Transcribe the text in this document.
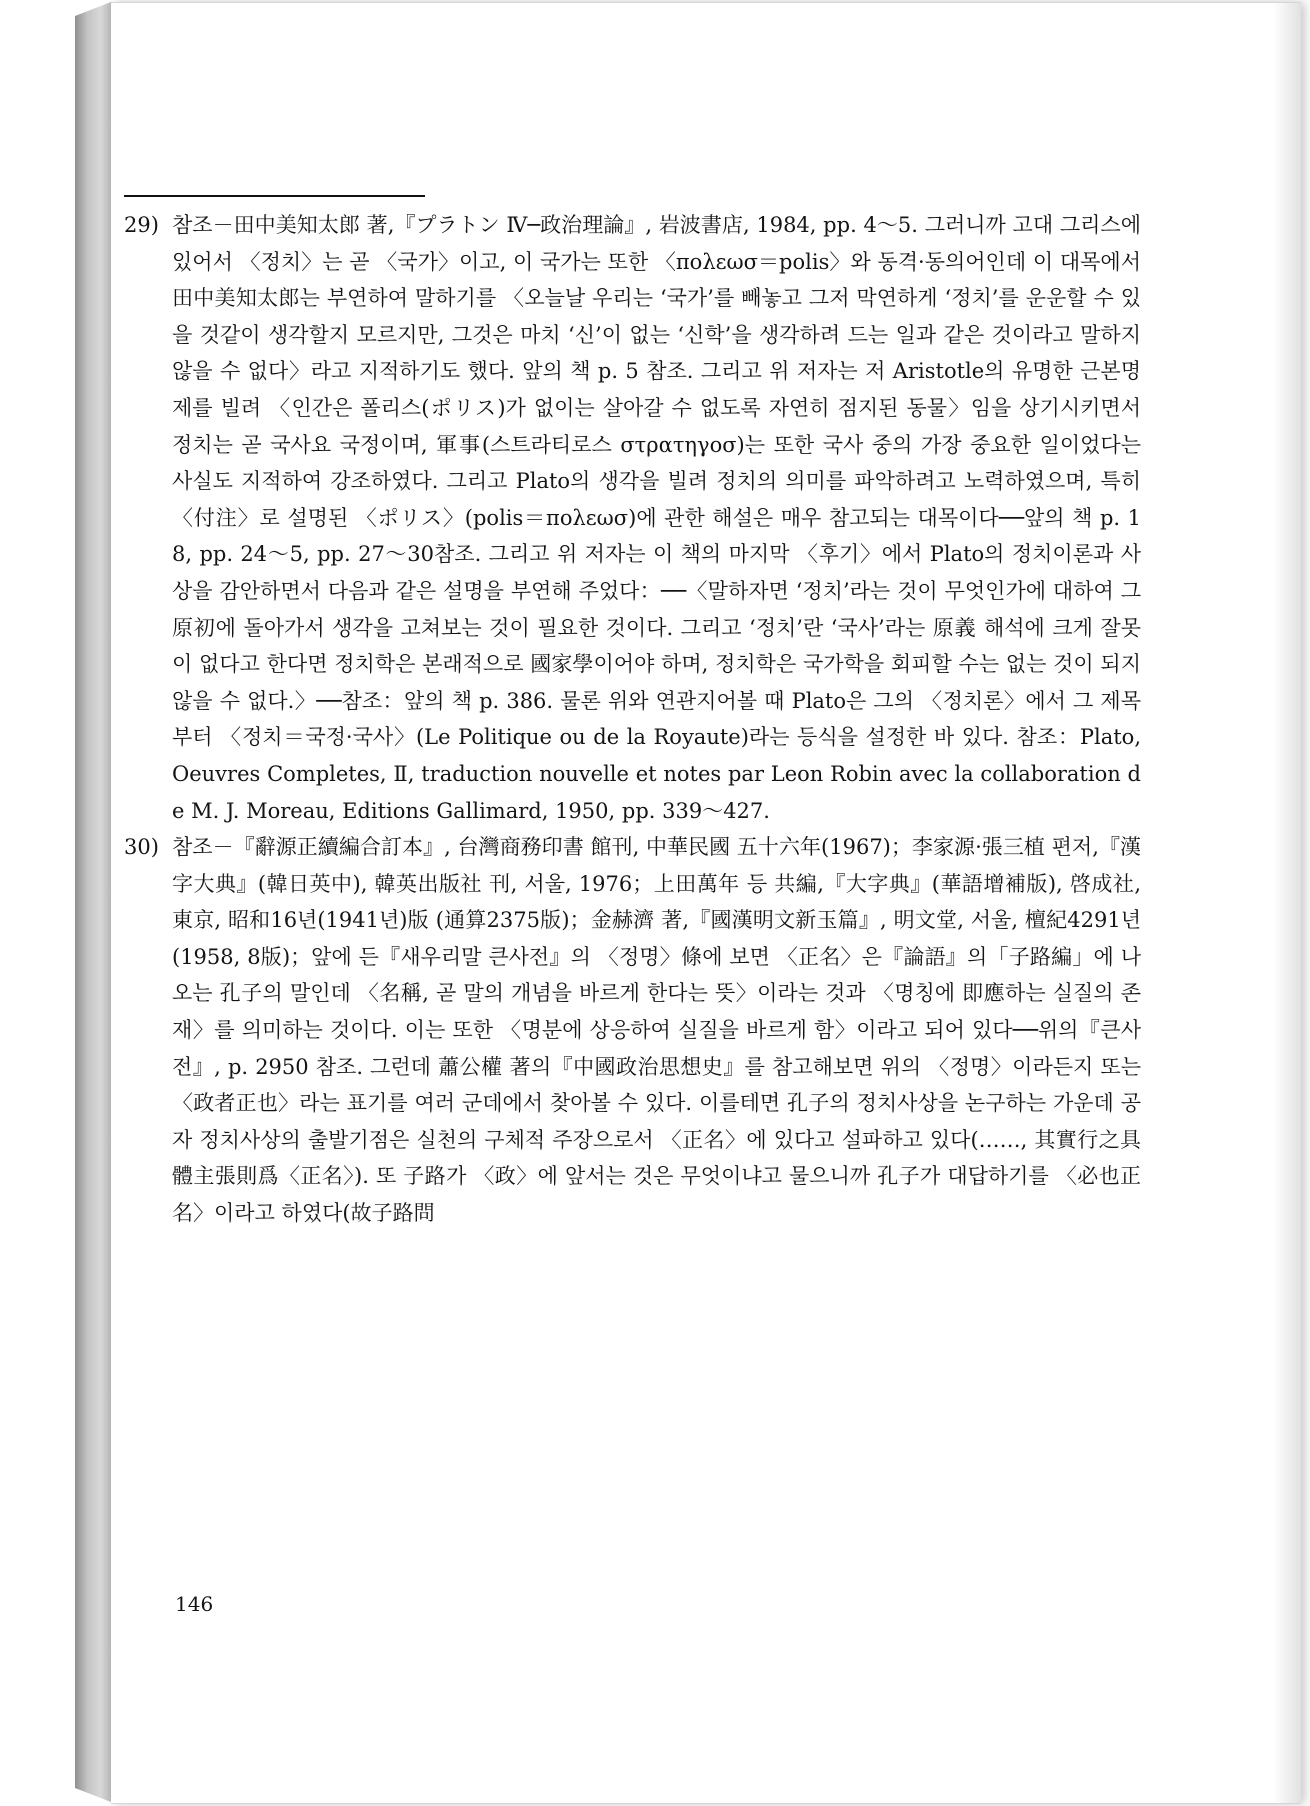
29) 참조－田中美知太郎 著,『プラトン Ⅳ─政治理論』, 岩波書店, 1984, pp. 4～5. 그러니까 고대 그리스에 있어서 〈정치〉는 곧 〈국가〉이고, 이 국가는 또한 〈πολεωσ＝polis〉와 동격·동의어인데 이 대목에서 田中美知太郎는 부연하여 말하기를 〈오늘날 우리는 ‘국가’를 빼놓고 그저 막연하게 ‘정치’를 운운할 수 있을 것같이 생각할지 모르지만, 그것은 마치 ‘신’이 없는 ‘신학’을 생각하려 드는 일과 같은 것이라고 말하지 않을 수 없다〉라고 지적하기도 했다. 앞의 책 p. 5 참조. 그리고 위 저자는 저 Aristotle의 유명한 근본명제를 빌려 〈인간은 폴리스(ポリス)가 없이는 살아갈 수 없도록 자연히 점지된 동물〉임을 상기시키면서 정치는 곧 국사요 국정이며, 軍事(스트라티로스 στρατηγοσ)는 또한 국사 중의 가장 중요한 일이었다는 사실도 지적하여 강조하였다. 그리고 Plato의 생각을 빌려 정치의 의미를 파악하려고 노력하였으며, 특히 〈付注〉로 설명된 〈ポリス〉(polis＝πολεωσ)에 관한 해설은 매우 참고되는 대목이다──앞의 책 p. 18, pp. 24～5, pp. 27～30참조. 그리고 위 저자는 이 책의 마지막 〈후기〉에서 Plato의 정치이론과 사상을 감안하면서 다음과 같은 설명을 부연해 주었다：──〈말하자면 ‘정치’라는 것이 무엇인가에 대하여 그 原初에 돌아가서 생각을 고쳐보는 것이 필요한 것이다. 그리고 ‘정치’란 ‘국사’라는 原義 해석에 크게 잘못이 없다고 한다면 정치학은 본래적으로 國家學이어야 하며, 정치학은 국가학을 회피할 수는 없는 것이 되지 않을 수 없다.〉──참조：앞의 책 p. 386. 물론 위와 연관지어볼 때 Plato은 그의 〈정치론〉에서 그 제목부터 〈정치＝국정·국사〉(Le Politique ou de la Royaute)라는 등식을 설정한 바 있다. 참조：Plato, Oeuvres Completes, Ⅱ, traduction nouvelle et notes par Leon Robin avec la collaboration de M. J. Moreau, Editions Gallimard, 1950, pp. 339～427.

30) 참조－『辭源正續編合訂本』, 台灣商務印書 館刊, 中華民國 五十六年(1967)；李家源·張三植 편저,『漢字大典』(韓日英中), 韓英出版社 刊, 서울, 1976；上田萬年 등 共編,『大字典』(華語增補版), 啓成社, 東京, 昭和16년(1941년)版 (通算2375版)；金赫濟 著,『國漢明文新玉篇』, 明文堂, 서울, 檀紀4291년(1958, 8版)；앞에 든『새우리말 큰사전』의 〈정명〉條에 보면 〈正名〉은『論語』의「子路編」에 나오는 孔子의 말인데 〈名稱, 곧 말의 개념을 바르게 한다는 뜻〉이라는 것과 〈명칭에 即應하는 실질의 존재〉를 의미하는 것이다. 이는 또한 〈명분에 상응하여 실질을 바르게 함〉이라고 되어 있다──위의『큰사전』, p. 2950 참조. 그런데 蕭公權 著의『中國政治思想史』를 참고해보면 위의 〈정명〉이라든지 또는 〈政者正也〉라는 표기를 여러 군데에서 찾아볼 수 있다. 이를테면 孔子의 정치사상을 논구하는 가운데 공자 정치사상의 출발기점은 실천의 구체적 주장으로서 〈正名〉에 있다고 설파하고 있다(……, 其實行之具體主張則爲〈正名〉). 또 子路가 〈政〉에 앞서는 것은 무엇이냐고 물으니까 孔子가 대답하기를 〈必也正名〉이라고 하였다(故子路問

146
